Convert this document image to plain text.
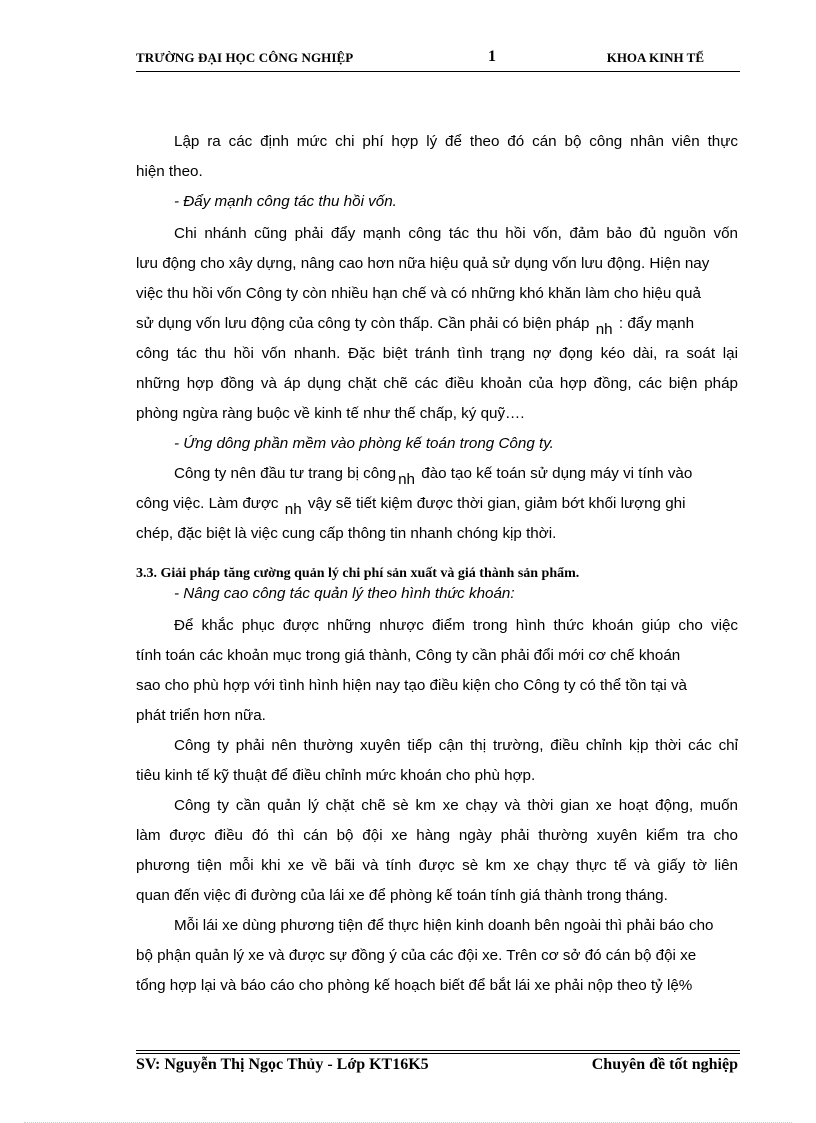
TRƯỜNG ĐẠI HỌC CÔNG NGHIỆP	1	KHOA KINH TẾ
Lập ra các định mức chi phí hợp lý để theo đó cán bộ công nhân viên thực
hiện theo.
- Đẩy mạnh công tác thu hồi vốn.
Chi nhánh cũng phải đẩy mạnh công tác thu hồi vốn, đảm bảo đủ nguồn vốn
lưu động cho xây dựng, nâng cao hơn nữa hiệu quả sử dụng vốn lưu động. Hiện nay
việc thu hồi vốn Công ty còn nhiều hạn chế và có những khó khăn làm cho hiệu quả
sử dụng vốn lưu động của công ty còn thấp. Cần phải có biện pháp nh : đẩy mạnh
công tác thu hồi vốn nhanh. Đặc biệt tránh tình trạng nợ đọng kéo dài, ra soát lại
những hợp đồng và áp dụng chặt chẽ các điều khoản của hợp đồng, các biện pháp
phòng ngừa ràng buộc về kinh tế như thế chấp, ký quỹ….
- Ứng dông phần mềm vào phòng kế toán trong Công ty.
Công ty nên đầu tư trang bị công nh đào tạo kế toán sử dụng máy vi tính vào
công việc. Làm được nh vậy sẽ tiết kiệm được thời gian, giảm bớt khối lượng ghi
chép, đặc biệt là việc cung cấp thông tin nhanh chóng kịp thời.
3.3. Giải pháp tăng cường quản lý chi phí sản xuất và giá thành sản phẩm.
- Nâng cao công tác quản lý theo hình thức khoán:
Để khắc phục được những nhược điểm trong hình thức khoán giúp cho việc
tính toán các khoản mục trong giá thành, Công ty cần phải đổi mới cơ chế khoán
sao cho phù hợp với tình hình hiện nay tạo điều kiện cho Công ty có thể tồn tại và
phát triển hơn nữa.
Công ty phải nên thường xuyên tiếp cận thị trường, điều chỉnh kịp thời các chỉ
tiêu kinh tế kỹ thuật để điều chỉnh mức khoán cho phù hợp.
Công ty cần quản lý chặt chẽ sè km xe chạy và thời gian xe hoạt động, muốn
làm được điều đó thì cán bộ đội xe hàng ngày phải thường xuyên kiểm tra cho
phương tiện mỗi khi xe về bãi và tính được sè km xe chạy thực tế và giấy tờ liên
quan đến việc đi đường của lái xe để phòng kế toán tính giá thành trong tháng.
Mỗi lái xe dùng phương tiện để thực hiện kinh doanh bên ngoài thì phải báo cho
bộ phận quản lý xe và được sự đồng ý của các đội xe. Trên cơ sở đó cán bộ đội xe
tổng hợp lại và báo cáo cho phòng kế hoạch biết để bắt lái xe phải nộp theo tỷ lệ%
SV: Nguyễn Thị Ngọc Thủy - Lớp KT16K5	Chuyên đề tốt nghiệp
